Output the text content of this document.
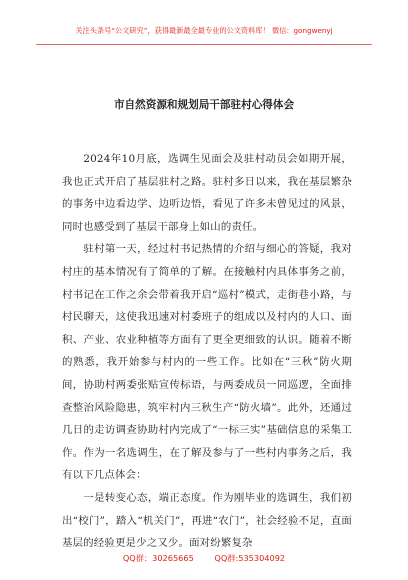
关注头条号“公文研究”，获得最新最全最专业的公文资料库！ 微信：gongwenyj
市自然资源和规划局干部驻村心得体会

2024年10月底，选调生见面会及驻村动员会如期开展，我也正式开启了基层驻村之路。驻村多日以来，我在基层繁杂的事务中边看边学、边听边悟，看见了许多未曾见过的风景，同时也感受到了基层干部身上如山的责任。

驻村第一天，经过村书记热情的介绍与细心的答疑，我对村庄的基本情况有了简单的了解。在接触村内具体事务之前，村书记在工作之余会带着我开启“巡村”模式，走街巷小路，与村民聊天，这使我迅速对村委班子的组成以及村内的人口、面积、产业、农业种植等方面有了更全更细致的认识。随着不断的熟悉，我开始参与村内的一些工作。比如在“三秋”防火期间，协助村两委张贴宣传标语，与两委成员一同巡逻，全面排查整治风险隐患，筑牢村内三秋生产“防火墙”。此外，还通过几日的走访调查协助村内完成了“一标三实”基础信息的采集工作。作为一名选调生，在了解及参与了一些村内事务之后，我有以下几点体会：

一是转变心态，端正态度。作为刚毕业的选调生，我们初出“校门”，踏入“机关门”，再进“农门”，社会经验不足，直面基层的经验更是少之又少。面对纷繁复杂

QQ群：30265665	QQ群:535304092
